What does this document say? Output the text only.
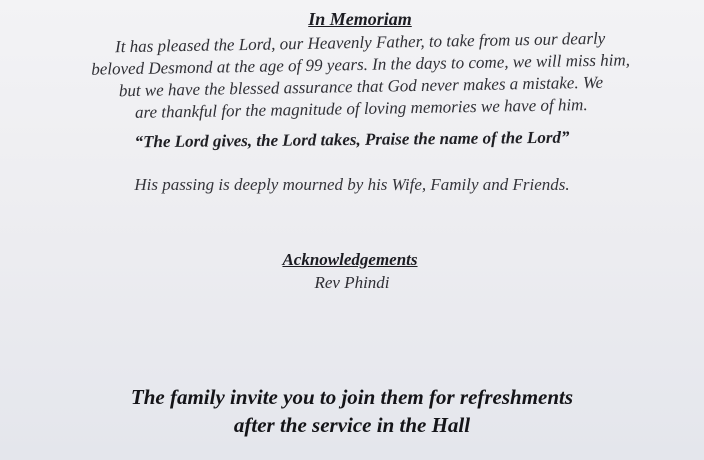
In Memoriam
It has pleased the Lord, our Heavenly Father, to take from us our dearly
beloved Desmond at the age of 99 years. In the days to come, we will miss him,
but we have the blessed assurance that God never makes a mistake. We
are thankful for the magnitude of loving memories we have of him.
“The Lord gives, the Lord takes, Praise the name of the Lord”
His passing is deeply mourned by his Wife, Family and Friends.
Acknowledgements
Rev Phindi
The family invite you to join them for refreshments
after the service in the Hall
